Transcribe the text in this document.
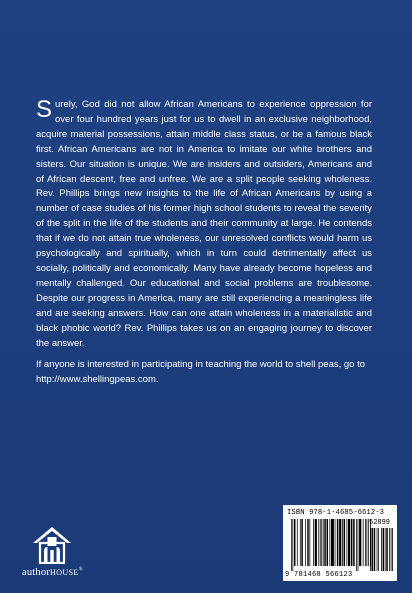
Surely, God did not allow African Americans to experience oppression for over four hundred years just for us to dwell in an exclusive neighborhood, acquire material possessions, attain middle class status, or be a famous black first. African Americans are not in America to imitate our white brothers and sisters. Our situation is unique. We are insiders and outsiders, Americans and of African descent, free and unfree. We are a split people seeking wholeness. Rev. Phillips brings new insights to the life of African Americans by using a number of case studies of his former high school students to reveal the severity of the split in the life of the students and their community at large. He contends that if we do not attain true wholeness, our unresolved conflicts would harm us psychologically and spiritually, which in turn could detrimentally affect us socially, politically and economically. Many have already become hopeless and mentally challenged. Our educational and social problems are troublesome. Despite our progress in America, many are still experiencing a meaningless life and are seeking answers. How can one attain wholeness in a materialistic and black phobic world? Rev. Phillips takes us on an engaging journey to discover the answer.

If anyone is interested in participating in teaching the world to shell peas, go to http://www.shellingpeas.com.

authorHOUSE®
ISBN 978-1-4685-6612-3
52899
9 781468 566123
